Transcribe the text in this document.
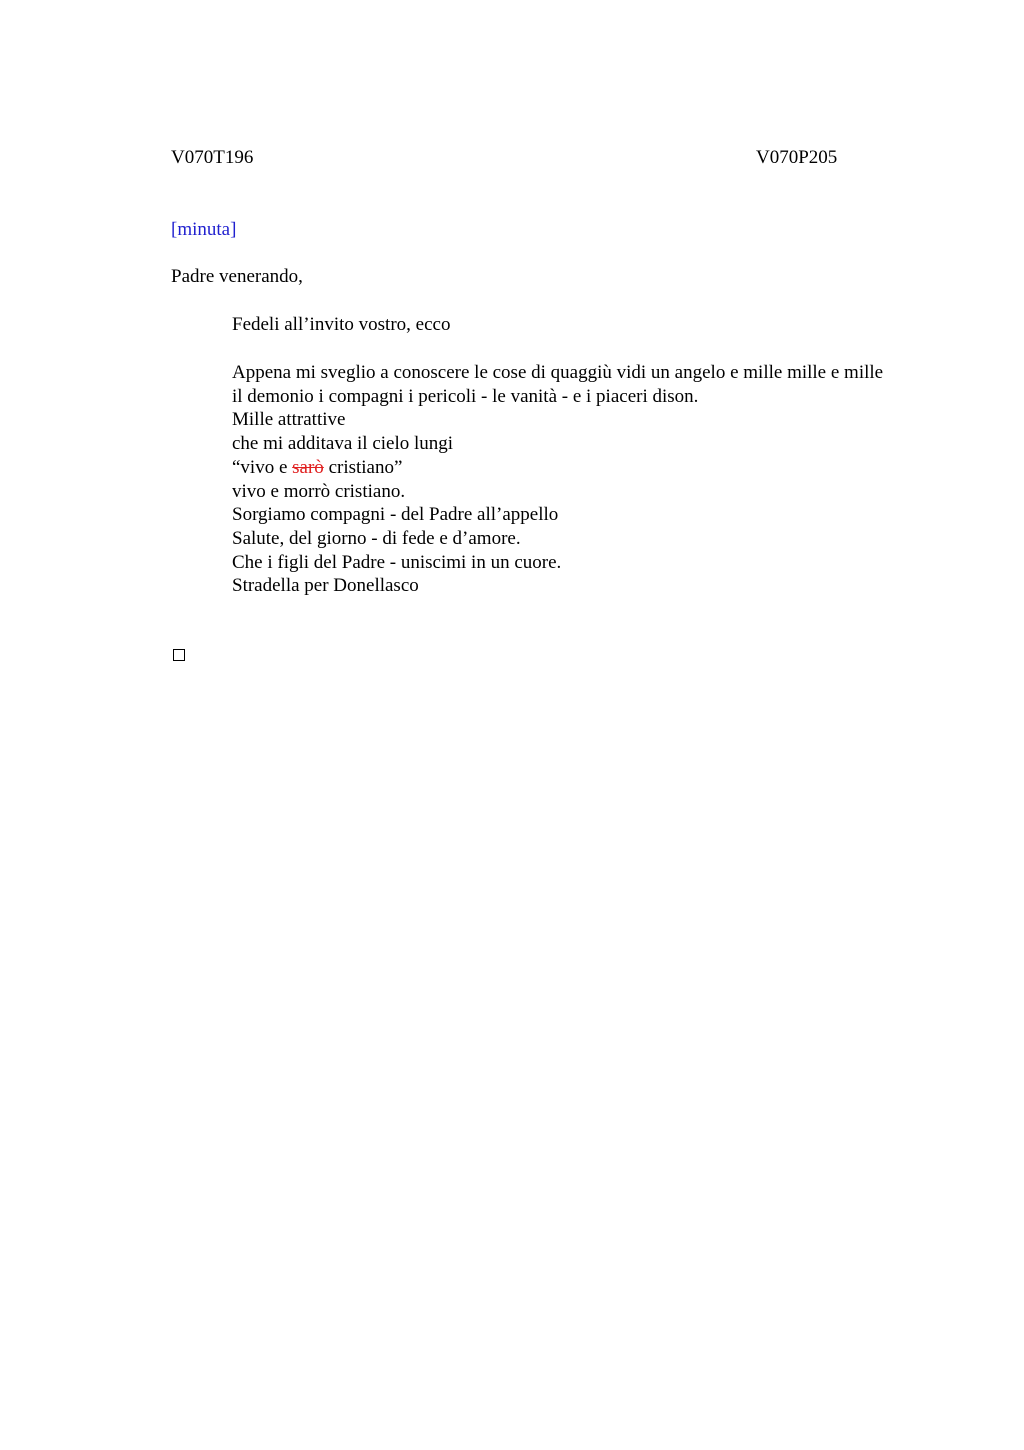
V070T196	V070P205
[minuta]
Padre venerando,
Fedeli all’invito vostro, ecco

Appena mi sveglio a conoscere le cose di quaggiù vidi un angelo e mille mille e mille

il demonio i compagni i pericoli - le vanità - e i piaceri dison.
Mille attrattive
che mi additava il cielo lungi
“vivo e sarò cristiano”
vivo e morrò cristiano.
Sorgiamo compagni - del Padre all’appello
Salute, del giorno - di fede e d’amore.
Che i figli del Padre - uniscimi in un cuore.
Stradella per Donellasco
